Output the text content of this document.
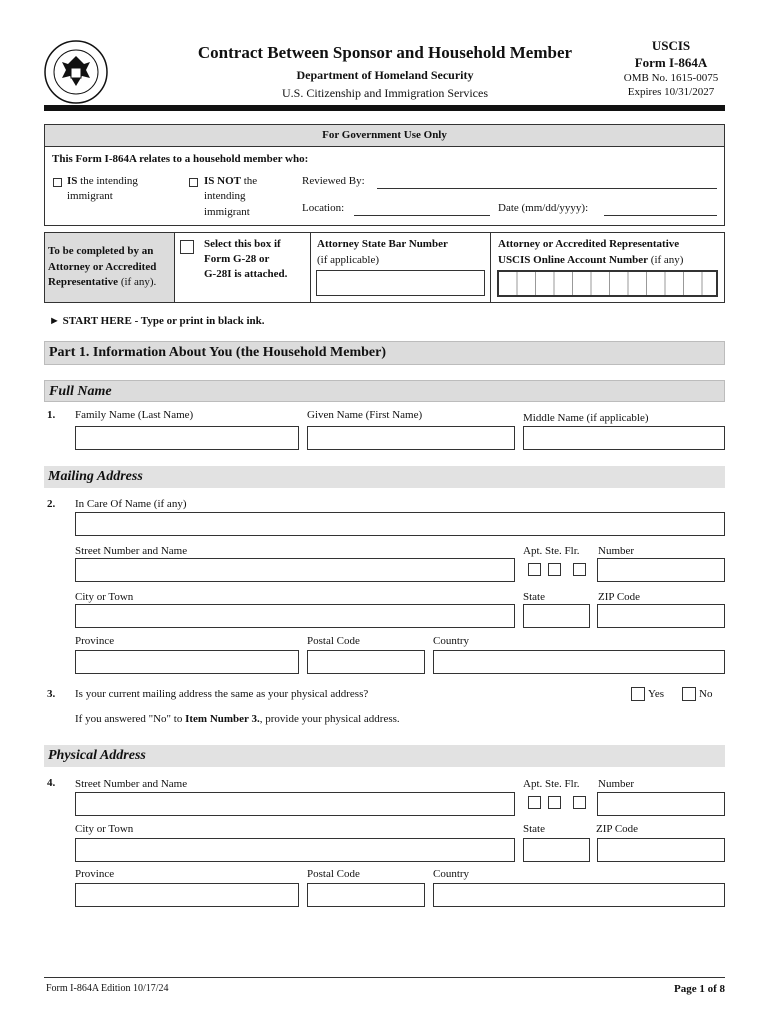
Contract Between Sponsor and Household Member
Department of Homeland Security
U.S. Citizenship and Immigration Services
USCIS
Form I-864A
OMB No. 1615-0075
Expires 10/31/2027
For Government Use Only
This Form I-864A relates to a household member who:
IS the intending
immigrant
IS NOT the
intending
immigrant
Reviewed By:
Location:	Date (mm/dd/yyyy):
To be completed by an
Attorney or Accredited
Representative (if any).
Select this box if
Form G-28 or
G-28I is attached.
Attorney State Bar Number
(if applicable)
Attorney or Accredited Representative
USCIS Online Account Number (if any)
► START HERE - Type or print in black ink.
Part 1. Information About You (the Household Member)
Full Name
1. Family Name (Last Name)	Given Name (First Name)	Middle Name (if applicable)
Mailing Address
2. In Care Of Name (if any)
Street Number and Name	Apt. Ste. Flr. Number
City or Town	State	ZIP Code
Province	Postal Code	Country
3. Is your current mailing address the same as your physical address?	Yes	No
If you answered "No" to Item Number 3., provide your physical address.
Physical Address
4. Street Number and Name	Apt. Ste. Flr. Number
City or Town	State	ZIP Code
Province	Postal Code	Country
Form I-864A Edition 10/17/24	Page 1 of 8
